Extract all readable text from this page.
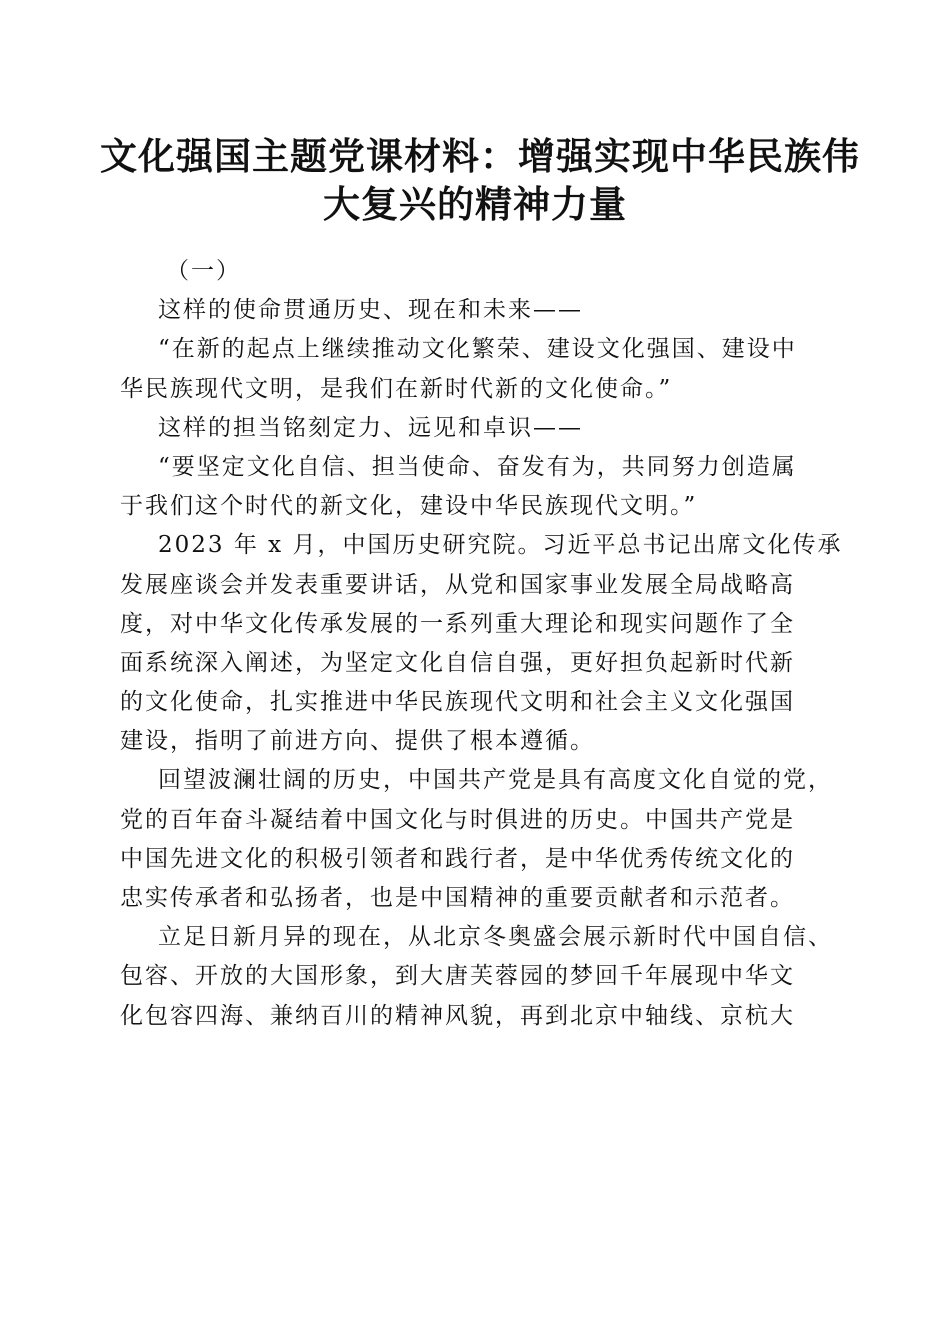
文化强国主题党课材料：增强实现中华民族伟
大复兴的精神力量
（一）
这样的使命贯通历史、现在和未来——
“在新的起点上继续推动文化繁荣、建设文化强国、建设中
华民族现代文明，是我们在新时代新的文化使命。”
这样的担当铭刻定力、远见和卓识——
“要坚定文化自信、担当使命、奋发有为，共同努力创造属
于我们这个时代的新文化，建设中华民族现代文明。”
2023 年 x 月，中国历史研究院。习近平总书记出席文化传承
发展座谈会并发表重要讲话，从党和国家事业发展全局战略高
度，对中华文化传承发展的一系列重大理论和现实问题作了全
面系统深入阐述，为坚定文化自信自强，更好担负起新时代新
的文化使命，扎实推进中华民族现代文明和社会主义文化强国
建设，指明了前进方向、提供了根本遵循。
回望波澜壮阔的历史，中国共产党是具有高度文化自觉的党，
党的百年奋斗凝结着中国文化与时俱进的历史。中国共产党是
中国先进文化的积极引领者和践行者，是中华优秀传统文化的
忠实传承者和弘扬者，也是中国精神的重要贡献者和示范者。
立足日新月异的现在，从北京冬奥盛会展示新时代中国自信、
包容、开放的大国形象，到大唐芙蓉园的梦回千年展现中华文
化包容四海、兼纳百川的精神风貌，再到北京中轴线、京杭大
